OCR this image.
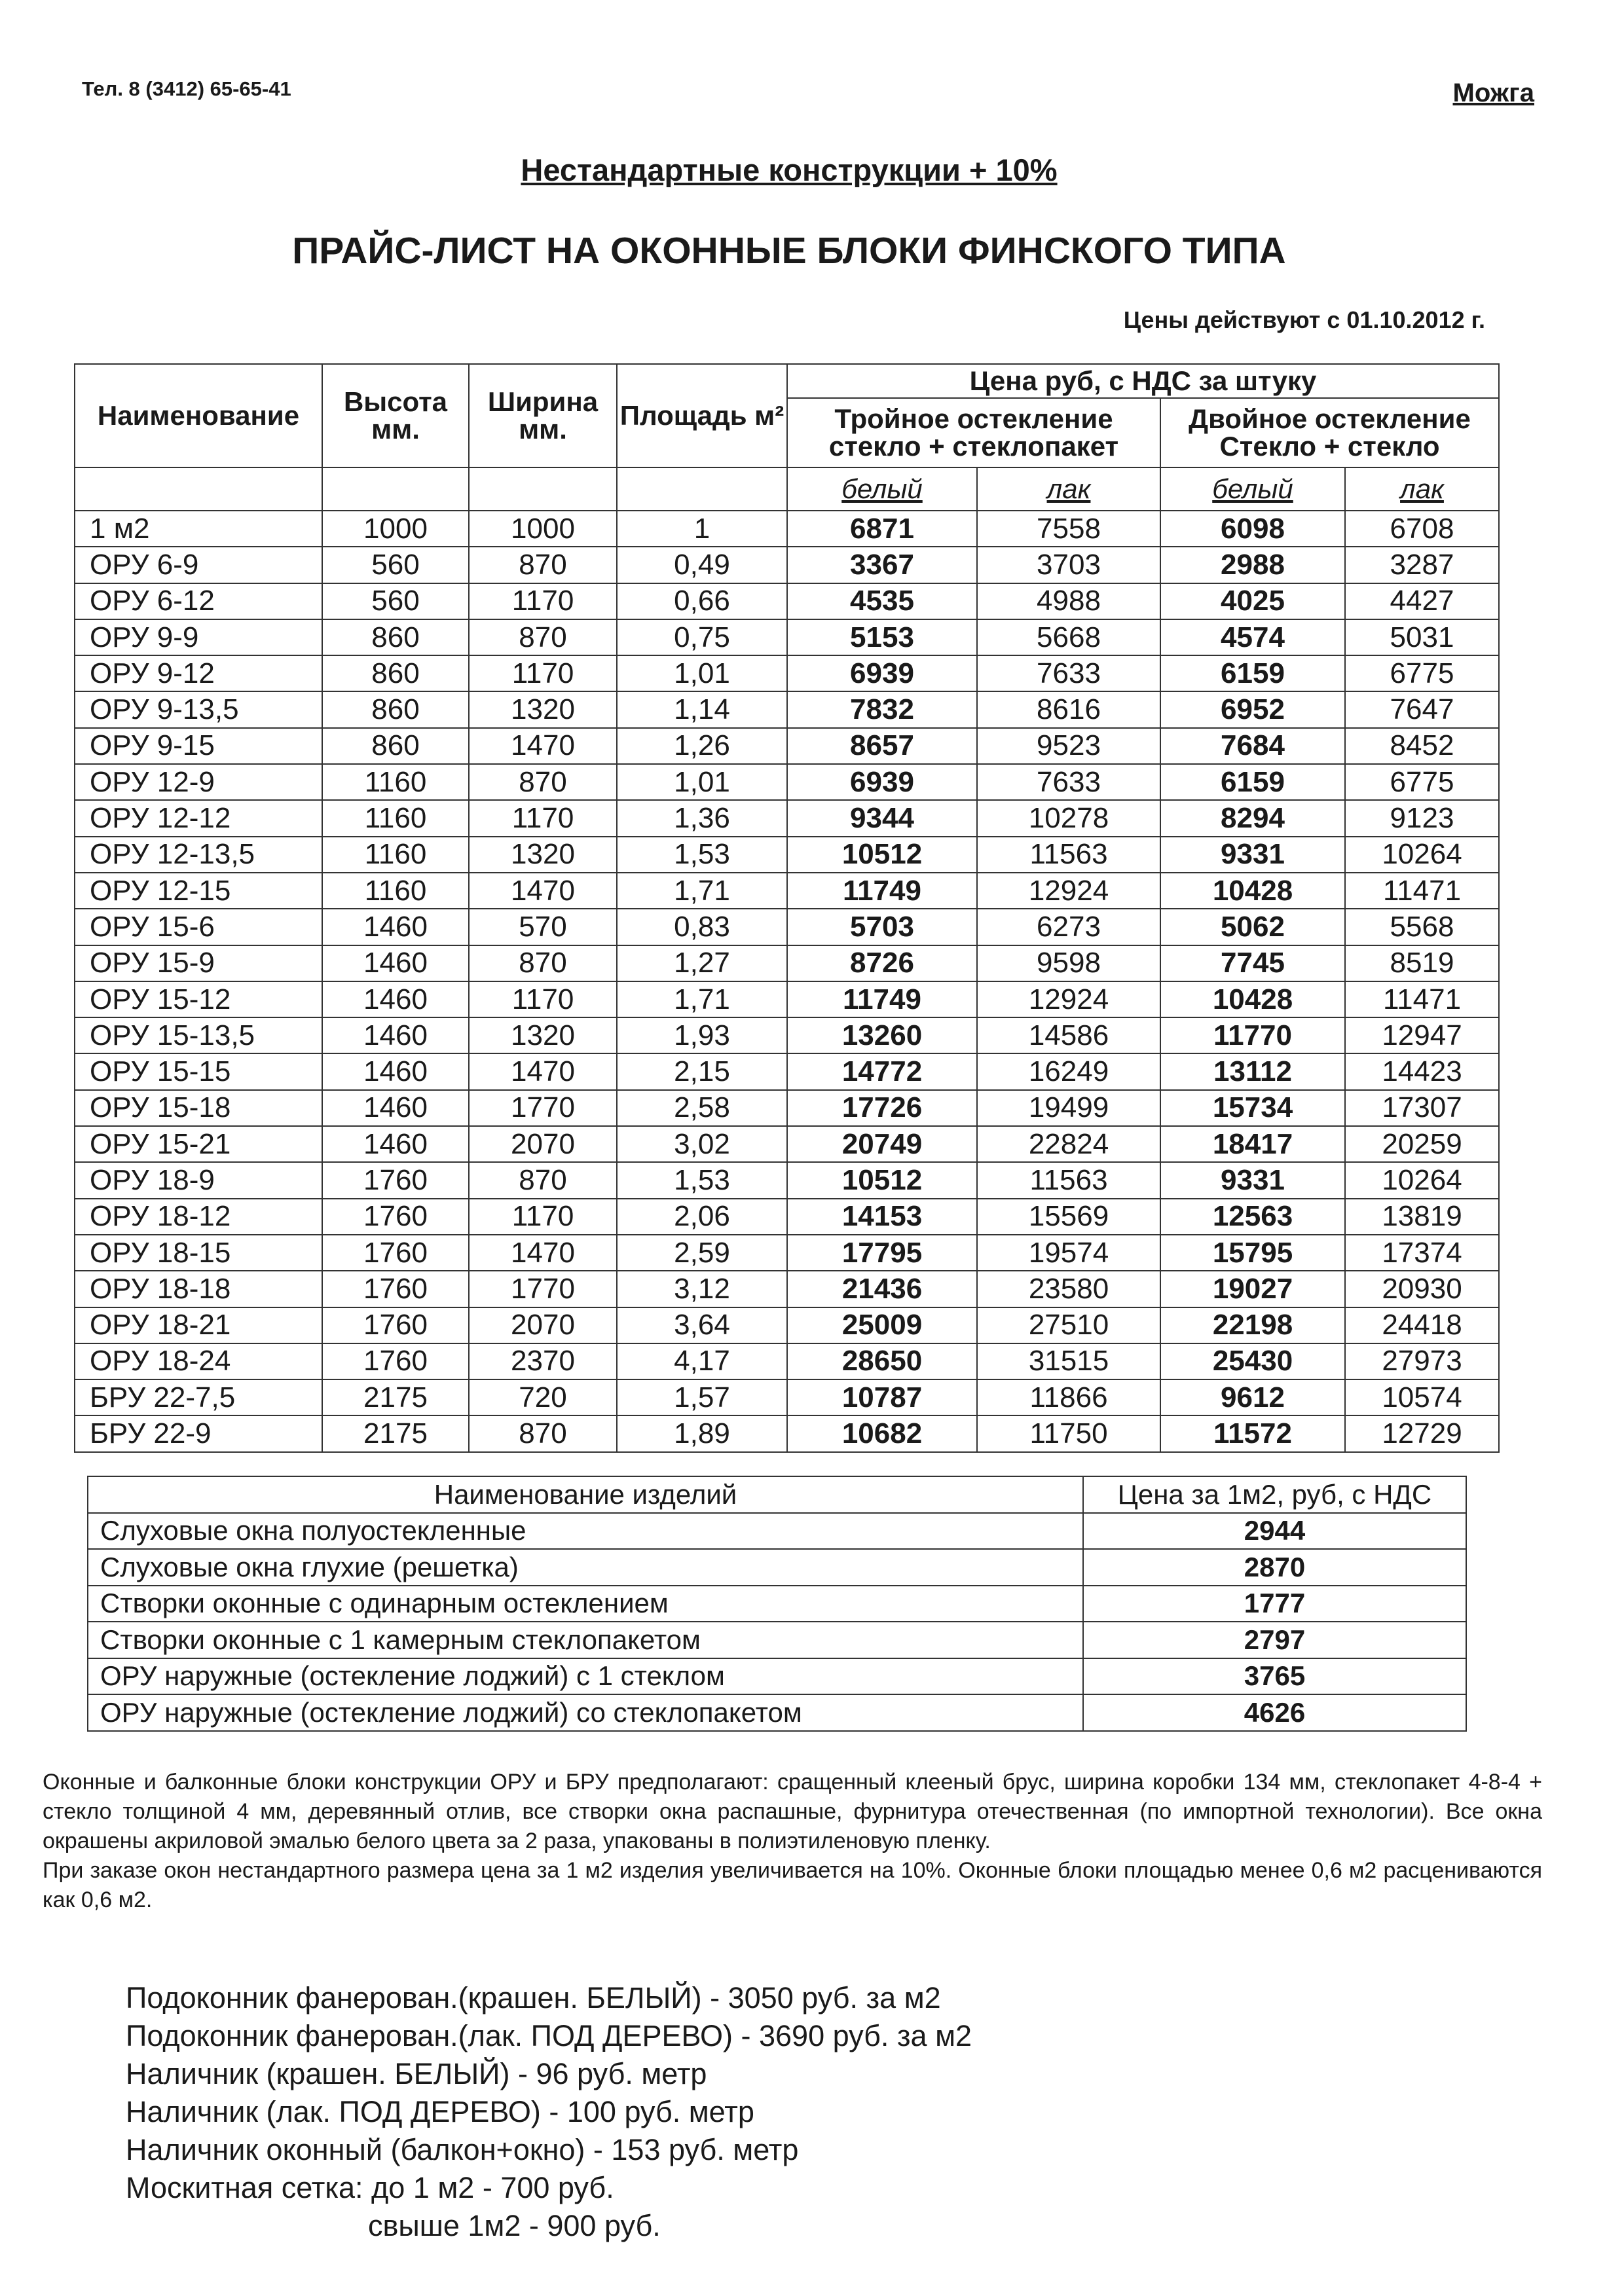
Тел. 8 (3412) 65-65-41	Можга
Нестандартные конструкции + 10%
ПРАЙС-ЛИСТ НА ОКОННЫЕ БЛОКИ ФИНСКОГО ТИПА
Цены действуют с 01.10.2012 г.
Наименование	Высота мм.	Ширина мм.	Площадь м²	Цена руб, с НДС за штуку			
				Тройное остекление стекло + стеклопакет		Двойное остекление Стекло + стекло	
				белый	лак	белый	лак
1 м2	1000	1000	1	6871	7558	6098	6708
ОРУ 6-9	560	870	0,49	3367	3703	2988	3287
ОРУ 6-12	560	1170	0,66	4535	4988	4025	4427
ОРУ 9-9	860	870	0,75	5153	5668	4574	5031
ОРУ 9-12	860	1170	1,01	6939	7633	6159	6775
ОРУ 9-13,5	860	1320	1,14	7832	8616	6952	7647
ОРУ 9-15	860	1470	1,26	8657	9523	7684	8452
ОРУ 12-9	1160	870	1,01	6939	7633	6159	6775
ОРУ 12-12	1160	1170	1,36	9344	10278	8294	9123
ОРУ 12-13,5	1160	1320	1,53	10512	11563	9331	10264
ОРУ 12-15	1160	1470	1,71	11749	12924	10428	11471
ОРУ 15-6	1460	570	0,83	5703	6273	5062	5568
ОРУ 15-9	1460	870	1,27	8726	9598	7745	8519
ОРУ 15-12	1460	1170	1,71	11749	12924	10428	11471
ОРУ 15-13,5	1460	1320	1,93	13260	14586	11770	12947
ОРУ 15-15	1460	1470	2,15	14772	16249	13112	14423
ОРУ 15-18	1460	1770	2,58	17726	19499	15734	17307
ОРУ 15-21	1460	2070	3,02	20749	22824	18417	20259
ОРУ 18-9	1760	870	1,53	10512	11563	9331	10264
ОРУ 18-12	1760	1170	2,06	14153	15569	12563	13819
ОРУ 18-15	1760	1470	2,59	17795	19574	15795	17374
ОРУ 18-18	1760	1770	3,12	21436	23580	19027	20930
ОРУ 18-21	1760	2070	3,64	25009	27510	22198	24418
ОРУ 18-24	1760	2370	4,17	28650	31515	25430	27973
БРУ 22-7,5	2175	720	1,57	10787	11866	9612	10574
БРУ 22-9	2175	870	1,89	10682	11750	11572	12729
Наименование изделий	Цена за 1м2, руб, с НДС
Слуховые окна полуостекленные	2944
Слуховые окна глухие (решетка)	2870
Створки оконные с одинарным остеклением	1777
Створки оконные с 1 камерным стеклопакетом	2797
ОРУ наружные (остекление лоджий) с 1 стеклом	3765
ОРУ наружные (остекление лоджий) со стеклопакетом	4626

Оконные и балконные блоки конструкции ОРУ и БРУ предполагают: сращенный клееный брус, ширина коробки 134 мм, стеклопакет 4-8-4 + стекло толщиной 4 мм, деревянный отлив, все створки окна распашные, фурнитура отечественная (по импортной технологии). Все окна окрашены акриловой эмалью белого цвета за 2 раза, упакованы в полиэтиленовую пленку.

При заказе окон нестандартного размера цена за 1 м2 изделия увеличивается на 10%. Оконные блоки площадью менее 0,6 м2 расцениваются как 0,6 м2.

Подоконник фанерован.(крашен. БЕЛЫЙ) - 3050 руб. за м2
Подоконник фанерован.(лак. ПОД ДЕРЕВО) - 3690 руб. за м2
Наличник (крашен. БЕЛЫЙ) - 96 руб. метр
Наличник (лак. ПОД ДЕРЕВО) - 100 руб. метр
Наличник оконный (балкон+окно) - 153 руб. метр
Москитная сетка: до 1 м2 - 700 руб.
свыше 1м2 - 900 руб.
